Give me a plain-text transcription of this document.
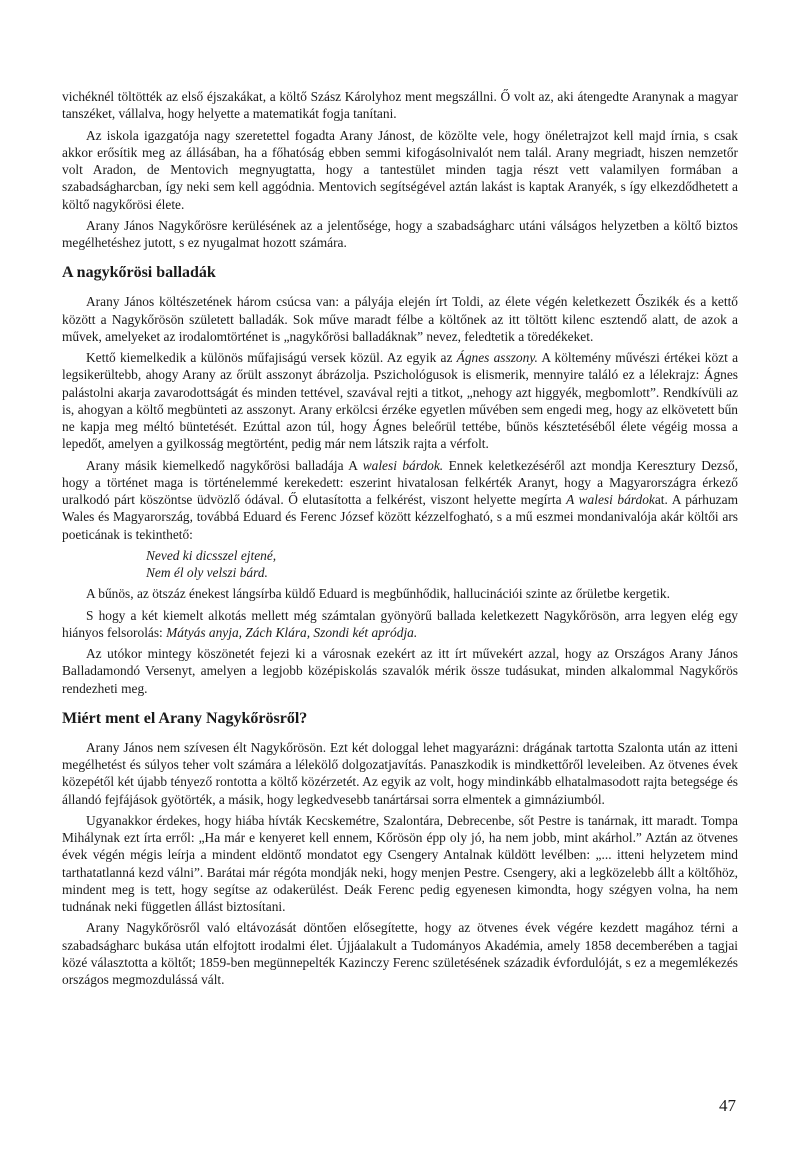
vichéknél töltötték az első éjszakákat, a költő Szász Károlyhoz ment megszállni. Ő volt az, aki átengedte Aranynak a magyar tanszéket, vállalva, hogy helyette a matematikát fogja tanítani.

Az iskola igazgatója nagy szeretettel fogadta Arany Jánost, de közölte vele, hogy önéletrajzot kell majd írnia, s csak akkor erősítik meg az állásában, ha a főhatóság ebben semmi kifogásolnivalót nem talál. Arany megriadt, hiszen nemzetőr volt Aradon, de Mentovich megnyugtatta, hogy a tantestület minden tagja részt vett valamilyen formában a szabadságharcban, így neki sem kell aggódnia. Mentovich segítségével aztán lakást is kaptak Aranyék, s így elkezdődhetett a költő nagykőrösi élete.

Arany János Nagykőrösre kerülésének az a jelentősége, hogy a szabadságharc utáni válságos helyzetben a költő biztos megélhetéshez jutott, s ez nyugalmat hozott számára.

A nagykőrösi balladák

Arany János költészetének három csúcsa van: a pályája elején írt Toldi, az élete végén keletkezett Őszikék és a kettő között a Nagykőrösön született balladák. Sok műve maradt félbe a költőnek az itt töltött kilenc esztendő alatt, de azok a művek, amelyeket az irodalomtörténet is „nagykőrösi balladáknak” nevez, feledtetik a töredékeket.

Kettő kiemelkedik a különös műfajiságú versek közül. Az egyik az Ágnes asszony. A költemény művészi értékei közt a legsikerültebb, ahogy Arany az őrült asszonyt ábrázolja. Pszichológusok is elismerik, mennyire találó ez a lélekrajz: Ágnes palástolni akarja zavarodottságát és minden tettével, szavával rejti a titkot, „nehogy azt higgyék, megbomlott”. Rendkívüli az is, ahogyan a költő megbünteti az asszonyt. Arany erkölcsi érzéke egyetlen művében sem engedi meg, hogy az elkövetett bűn ne kapja meg méltó büntetését. Ezúttal azon túl, hogy Ágnes beleőrül tettébe, bűnös késztetéséből élete végéig mossa a lepedőt, amelyen a gyilkosság megtörtént, pedig már nem látszik rajta a vérfolt.

Arany másik kiemelkedő nagykőrösi balladája A walesi bárdok. Ennek keletkezéséről azt mondja Keresztury Dezső, hogy a történet maga is történelemmé kerekedett: eszerint hivatalosan felkérték Aranyt, hogy a Magyarországra érkező uralkodó párt köszöntse üdvözlő ódával. Ő elutasította a felkérést, viszont helyette megírta A walesi bárdokat. A párhuzam Wales és Magyarország, továbbá Eduard és Ferenc József között kézzelfogható, s a mű eszmei mondanivalója akár költői ars poeticának is tekinthető:

Neved ki dicsszel ejtené,
Nem él oly velszi bárd.

A bűnös, az ötszáz énekest lángsírba küldő Eduard is megbűnhődik, hallucinációi szinte az őrületbe kergetik.

S hogy a két kiemelt alkotás mellett még számtalan gyönyörű ballada keletkezett Nagykőrösön, arra legyen elég egy hiányos felsorolás: Mátyás anyja, Zách Klára, Szondi két apródja.

Az utókor mintegy köszönetét fejezi ki a városnak ezekért az itt írt művekért azzal, hogy az Országos Arany János Balladamondó Versenyt, amelyen a legjobb középiskolás szavalók mérik össze tudásukat, minden alkalommal Nagykőrös rendezheti meg.

Miért ment el Arany Nagykőrösről?

Arany János nem szívesen élt Nagykőrösön. Ezt két dologgal lehet magyarázni: drágának tartotta Szalonta után az itteni megélhetést és súlyos teher volt számára a lélekölő dolgozatjavítás. Panaszkodik is mindkettőről leveleiben. Az ötvenes évek közepétől két újabb tényező rontotta a költő közérzetét. Az egyik az volt, hogy mindinkább elhatalmasodott rajta betegsége és állandó fejfájások gyötörték, a másik, hogy legkedvesebb tanártársai sorra elmentek a gimnáziumból.

Ugyanakkor érdekes, hogy hiába hívták Kecskemétre, Szalontára, Debrecenbe, sőt Pestre is tanárnak, itt maradt. Tompa Mihálynak ezt írta erről: „Ha már e kenyeret kell ennem, Kőrösön épp oly jó, ha nem jobb, mint akárhol.” Aztán az ötvenes évek végén mégis leírja a mindent eldöntő mondatot egy Csengery Antalnak küldött levélben: „... itteni helyzetem mind tarthatatlanná kezd válni”. Barátai már régóta mondják neki, hogy menjen Pestre. Csengery, aki a legközelebb állt a költőhöz, mindent meg is tett, hogy segítse az odakerülést. Deák Ferenc pedig egyenesen kimondta, hogy szégyen volna, ha nem tudnának neki független állást biztosítani.

Arany Nagykőrösről való eltávozását döntően elősegítette, hogy az ötvenes évek végére kezdett magához térni a szabadságharc bukása után elfojtott irodalmi élet. Újjáalakult a Tudományos Akadémia, amely 1858 decemberében a tagjai közé választotta a költőt; 1859-ben megünnepelték Kazinczy Ferenc születésének századik évfordulóját, s ez a megemlékezés országos megmozdulássá vált.

47
